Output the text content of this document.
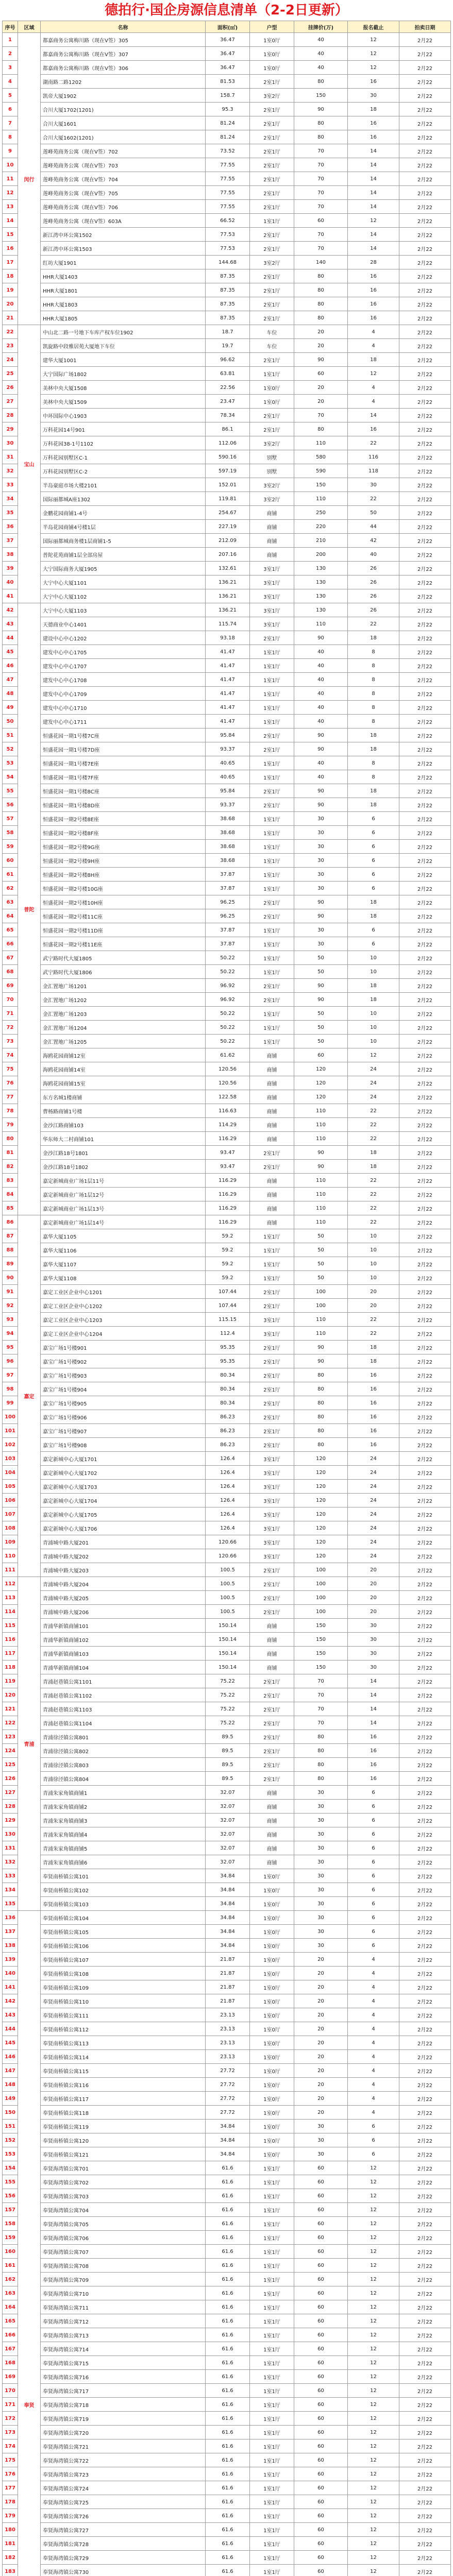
德拍行·国企房源信息清单（2-2日更新）
序号	区域	名称	面积(㎡)	户型	挂牌价(万)	报名截止	拍卖日期
1	闵行	都嘉商务公寓梅川路（现在V签）305	36.47	1室0厅	40	12	2月22
2		都嘉商务公寓梅川路（现在V签）307	36.47	1室0厅	40	12	2月22
3		都嘉商务公寓梅川路（现在V签）306	36.47	1室0厅	40	12	2月22
4		湖南路二路1202	81.53	2室1厅	80	16	2月22
5		凯帝大厦1902	158.7	3室2厅	150	30	2月22
6		合川大厦1702(1201)	95.3	2室1厅	90	18	2月22
7		合川大厦1601	81.24	2室1厅	80	16	2月22
8		合川大厦1602(1201)	81.24	2室1厅	80	16	2月22
9		莲峰苑商务公寓（现在V签）702	73.52	2室1厅	70	14	2月22
10		莲峰苑商务公寓（现在V签）703	77.55	2室1厅	70	14	2月22
11		莲峰苑商务公寓（现在V签）704	77.55	2室1厅	70	14	2月22
12		莲峰苑商务公寓（现在V签）705	77.55	2室1厅	70	14	2月22
13		莲峰苑商务公寓（现在V签）706	77.55	2室1厅	70	14	2月22
14		莲峰苑商务公寓（现在V签）603A	66.52	1室1厅	60	12	2月22
15		新江湾中环公寓1502	77.53	2室1厅	70	14	2月22
16		新江湾中环公寓1503	77.53	2室1厅	70	14	2月22
17		红坊大厦1901	144.68	3室2厅	140	28	2月22
18		HHR大厦1403	87.35	2室1厅	80	16	2月22
19		HHR大厦1801	87.35	2室1厅	80	16	2月22
20		HHR大厦1803	87.35	2室1厅	80	16	2月22
21		HHR大厦1805	87.35	2室1厅	80	16	2月22
22	宝山	中山北二路一号地下车库产权车位1902	18.7	车位	20	4	2月22
23		凯旋路中段雅居苑大厦地下车位	19.7	车位	20	4	2月22
24		建华大厦1001	96.62	2室1厅	90	18	2月22
25		大宁国际广场1802	63.81	1室1厅	60	12	2月22
26		美林中央大厦1508	22.56	1室0厅	20	4	2月22
27		美林中央大厦1509	23.47	1室0厅	20	4	2月22
28		中环国际中心1903	78.34	2室1厅	70	14	2月22
29		万科花园14号901	86.1	2室1厅	80	16	2月22
30		万科花园38-1号1102	112.06	3室2厅	110	22	2月22
31		万科花园别墅区C-1	590.16	别墅	580	116	2月22
32		万科花园别墅区C-2	597.19	别墅	590	118	2月22
33		半岛豪庭市场大楼2101	152.01	3室2厅	150	30	2月22
34		国际丽都城A座1302	119.81	3室2厅	110	22	2月22
35		金鹏花园商铺1-4号	254.67	商铺	250	50	2月22
36		半岛花园商铺4号楼1层	227.19	商铺	220	44	2月22
37		国际丽都城商务楼1层商铺1-5	212.09	商铺	210	42	2月22
38		普陀花苑商铺1层全部房屋	207.16	商铺	200	40	2月22
39		大宁国际商务大厦1905	132.61	3室1厅	130	26	2月22
40		大宁中心大厦1101	136.21	3室1厅	130	26	2月22
41		大宁中心大厦1102	136.21	3室1厅	130	26	2月22
42	普陀	大宁中心大厦1103	136.21	3室1厅	130	26	2月22
43		天德商业中心1401	115.74	3室1厅	110	22	2月22
44		建设中心中心1202	93.18	2室1厅	90	18	2月22
45		建发中心中心1705	41.47	1室1厅	40	8	2月22
46		建发中心中心1707	41.47	1室1厅	40	8	2月22
47		建发中心中心1708	41.47	1室1厅	40	8	2月22
48		建发中心中心1709	41.47	1室1厅	40	8	2月22
49		建发中心中心1710	41.47	1室1厅	40	8	2月22
50		建发中心中心1711	41.47	1室1厅	40	8	2月22
51		恒盛花园一期1号楼7C座	95.84	2室1厅	90	18	2月22
52		恒盛花园一期1号楼7D座	93.37	2室1厅	90	18	2月22
53		恒盛花园一期1号楼7E座	40.65	1室1厅	40	8	2月22
54		恒盛花园一期1号楼7F座	40.65	1室1厅	40	8	2月22
55		恒盛花园一期1号楼8C座	95.84	2室1厅	90	18	2月22
56		恒盛花园一期1号楼8D座	93.37	2室1厅	90	18	2月22
57		恒盛花园一期2号楼8E座	38.68	1室1厅	30	6	2月22
58		恒盛花园一期2号楼8F座	38.68	1室1厅	30	6	2月22
59		恒盛花园一期2号楼9G座	38.68	1室1厅	30	6	2月22
60		恒盛花园一期2号楼9H座	38.68	1室1厅	30	6	2月22
61		恒盛花园一期2号楼8H座	37.87	1室1厅	30	6	2月22
62		恒盛花园一期2号楼10G座	37.87	1室1厅	30	6	2月22
63		恒盛花园一期2号楼10H座	96.25	2室1厅	90	18	2月22
64		恒盛花园一期2号楼11C座	96.25	2室1厅	90	18	2月22
65		恒盛花园一期2号楼11D座	37.87	1室1厅	30	6	2月22
66		恒盛花园一期2号楼11E座	37.87	1室1厅	30	6	2月22
67		武宁路时代大厦1805	50.22	1室1厅	50	10	2月22
68		武宁路时代大厦1806	50.22	1室1厅	50	10	2月22
69		金汇置地广场1201	96.92	2室1厅	90	18	2月22
70		金汇置地广场1202	96.92	2室1厅	90	18	2月22
71		金汇置地广场1203	50.22	1室1厅	50	10	2月22
72		金汇置地广场1204	50.22	1室1厅	50	10	2月22
73		金汇置地广场1205	50.22	1室1厅	50	10	2月22
74		海鸥花园商铺12室	61.62	商铺	60	12	2月22
75		海鸥花园商铺14室	120.56	商铺	120	24	2月22
76		海鸥花园商铺15室	120.56	商铺	120	24	2月22
77		东方名城1楼商铺	122.58	商铺	120	24	2月22
78		曹杨路商铺1号楼	116.63	商铺	110	22	2月22
79		金沙江路商铺103	114.29	商铺	110	22	2月22
80		华东师大二村商铺101	116.29	商铺	110	22	2月22
81		金沙江路18号1801	93.47	2室1厅	90	18	2月22
82		金沙江路18号1802	93.47	2室1厅	90	18	2月22
83		嘉定新城商业广场1层11号	116.29	商铺	110	22	2月22
84		嘉定新城商业广场1层12号	116.29	商铺	110	22	2月22
85		嘉定新城商业广场1层13号	116.29	商铺	110	22	2月22
86	嘉定	嘉定新城商业广场1层14号	116.29	商铺	110	22	2月22
87		嘉华大厦1105	59.2	1室1厅	50	10	2月22
88		嘉华大厦1106	59.2	1室1厅	50	10	2月22
89		嘉华大厦1107	59.2	1室1厅	50	10	2月22
90		嘉华大厦1108	59.2	1室1厅	50	10	2月22
91		嘉定工业区企业中心1201	107.44	2室1厅	100	20	2月22
92		嘉定工业区企业中心1202	107.44	2室1厅	100	20	2月22
93		嘉定工业区企业中心1203	115.15	3室1厅	110	22	2月22
94		嘉定工业区企业中心1204	112.4	3室1厅	110	22	2月22
95		嘉宝广场1号楼901	95.35	2室1厅	90	18	2月22
96		嘉宝广场1号楼902	95.35	2室1厅	90	18	2月22
97		嘉宝广场1号楼903	80.34	2室1厅	80	16	2月22
98		嘉宝广场1号楼904	80.34	2室1厅	80	16	2月22
99		嘉宝广场1号楼905	80.34	2室1厅	80	16	2月22
100		嘉宝广场1号楼906	86.23	2室1厅	80	16	2月22
101		嘉宝广场1号楼907	86.23	2室1厅	80	16	2月22
102		嘉宝广场1号楼908	86.23	2室1厅	80	16	2月22
103		嘉定新城中心大厦1701	126.4	3室1厅	120	24	2月22
104		嘉定新城中心大厦1702	126.4	3室1厅	120	24	2月22
105		嘉定新城中心大厦1703	126.4	3室1厅	120	24	2月22
106		嘉定新城中心大厦1704	126.4	3室1厅	120	24	2月22
107		嘉定新城中心大厦1705	126.4	3室1厅	120	24	2月22
108		嘉定新城中心大厦1706	126.4	3室1厅	120	24	2月22
109		青浦城中路大厦201	120.66	3室1厅	120	24	2月22
110		青浦城中路大厦202	120.66	3室1厅	120	24	2月22
111		青浦城中路大厦203	100.5	2室1厅	100	20	2月22
112	青浦	青浦城中路大厦204	100.5	2室1厅	100	20	2月22
113		青浦城中路大厦205	100.5	2室1厅	100	20	2月22
114		青浦城中路大厦206	100.5	2室1厅	100	20	2月22
115		青浦华新镇商铺101	150.14	商铺	150	30	2月22
116		青浦华新镇商铺102	150.14	商铺	150	30	2月22
117		青浦华新镇商铺103	150.14	商铺	150	30	2月22
118		青浦华新镇商铺104	150.14	商铺	150	30	2月22
119		青浦赵巷镇公寓1101	75.22	2室1厅	70	14	2月22
120		青浦赵巷镇公寓1102	75.22	2室1厅	70	14	2月22
121		青浦赵巷镇公寓1103	75.22	2室1厅	70	14	2月22
122		青浦赵巷镇公寓1104	75.22	2室1厅	70	14	2月22
123		青浦徐泾镇公寓801	89.5	2室1厅	80	16	2月22
124		青浦徐泾镇公寓802	89.5	2室1厅	80	16	2月22
125		青浦徐泾镇公寓803	89.5	2室1厅	80	16	2月22
126		青浦徐泾镇公寓804	89.5	2室1厅	80	16	2月22
127		青浦朱家角镇商铺1	32.07	商铺	30	6	2月22
128		青浦朱家角镇商铺2	32.07	商铺	30	6	2月22
129		青浦朱家角镇商铺3	32.07	商铺	30	6	2月22
130		青浦朱家角镇商铺4	32.07	商铺	30	6	2月22
131		青浦朱家角镇商铺5	32.07	商铺	30	6	2月22
132		青浦朱家角镇商铺6	32.07	商铺	30	6	2月22
133		奉贤南桥镇公寓101	34.84	1室0厅	30	6	2月22
134		奉贤南桥镇公寓102	34.84	1室0厅	30	6	2月22
135		奉贤南桥镇公寓103	34.84	1室0厅	30	6	2月22
136	奉贤	奉贤南桥镇公寓104	34.84	1室0厅	30	6	2月22
137		奉贤南桥镇公寓105	34.84	1室0厅	30	6	2月22
138		奉贤南桥镇公寓106	34.84	1室0厅	30	6	2月22
139		奉贤南桥镇公寓107	21.87	1室0厅	20	4	2月22
140		奉贤南桥镇公寓108	21.87	1室0厅	20	4	2月22
141		奉贤南桥镇公寓109	21.87	1室0厅	20	4	2月22
142		奉贤南桥镇公寓110	21.87	1室0厅	20	4	2月22
143		奉贤南桥镇公寓111	23.13	1室0厅	20	4	2月22
144		奉贤南桥镇公寓112	23.13	1室0厅	20	4	2月22
145		奉贤南桥镇公寓113	23.13	1室0厅	20	4	2月22
146		奉贤南桥镇公寓114	23.13	1室0厅	20	4	2月22
147		奉贤南桥镇公寓115	27.72	1室0厅	20	4	2月22
148		奉贤南桥镇公寓116	27.72	1室0厅	20	4	2月22
149		奉贤南桥镇公寓117	27.72	1室0厅	20	4	2月22
150		奉贤南桥镇公寓118	27.72	1室0厅	20	4	2月22
151		奉贤南桥镇公寓119	34.84	1室0厅	30	6	2月22
152		奉贤南桥镇公寓120	34.84	1室0厅	30	6	2月22
153		奉贤南桥镇公寓121	34.84	1室0厅	30	6	2月22
154		奉贤海湾镇公寓701	61.6	1室1厅	60	12	2月22
155		奉贤海湾镇公寓702	61.6	1室1厅	60	12	2月22
156		奉贤海湾镇公寓703	61.6	1室1厅	60	12	2月22
157		奉贤海湾镇公寓704	61.6	1室1厅	60	12	2月22
158		奉贤海湾镇公寓705	61.6	1室1厅	60	12	2月22
159		奉贤海湾镇公寓706	61.6	1室1厅	60	12	2月22
160		奉贤海湾镇公寓707	61.6	1室1厅	60	12	2月22
161		奉贤海湾镇公寓708	61.6	1室1厅	60	12	2月22
162		奉贤海湾镇公寓709	61.6	1室1厅	60	12	2月22
163		奉贤海湾镇公寓710	61.6	1室1厅	60	12	2月22
164		奉贤海湾镇公寓711	61.6	1室1厅	60	12	2月22
165		奉贤海湾镇公寓712	61.6	1室1厅	60	12	2月22
166		奉贤海湾镇公寓713	61.6	1室1厅	60	12	2月22
167		奉贤海湾镇公寓714	61.6	1室1厅	60	12	2月22
168		奉贤海湾镇公寓715	61.6	1室1厅	60	12	2月22
169		奉贤海湾镇公寓716	61.6	1室1厅	60	12	2月22
170		奉贤海湾镇公寓717	61.6	1室1厅	60	12	2月22
171		奉贤海湾镇公寓718	61.6	1室1厅	60	12	2月22
172		奉贤海湾镇公寓719	61.6	1室1厅	60	12	2月22
173		奉贤海湾镇公寓720	61.6	1室1厅	60	12	2月22
174		奉贤海湾镇公寓721	61.6	1室1厅	60	12	2月22
175		奉贤海湾镇公寓722	61.6	1室1厅	60	12	2月22
176		奉贤海湾镇公寓723	61.6	1室1厅	60	12	2月22
177		奉贤海湾镇公寓724	61.6	1室1厅	60	12	2月22
178		奉贤海湾镇公寓725	61.6	1室1厅	60	12	2月22
179		奉贤海湾镇公寓726	61.6	1室1厅	60	12	2月22
180		奉贤海湾镇公寓727	61.6	1室1厅	60	12	2月22
181		奉贤海湾镇公寓728	61.6	1室1厅	60	12	2月22
182		奉贤海湾镇公寓729	61.6	1室1厅	60	12	2月22
183		奉贤海湾镇公寓730	61.6	1室1厅	60	12	2月22
